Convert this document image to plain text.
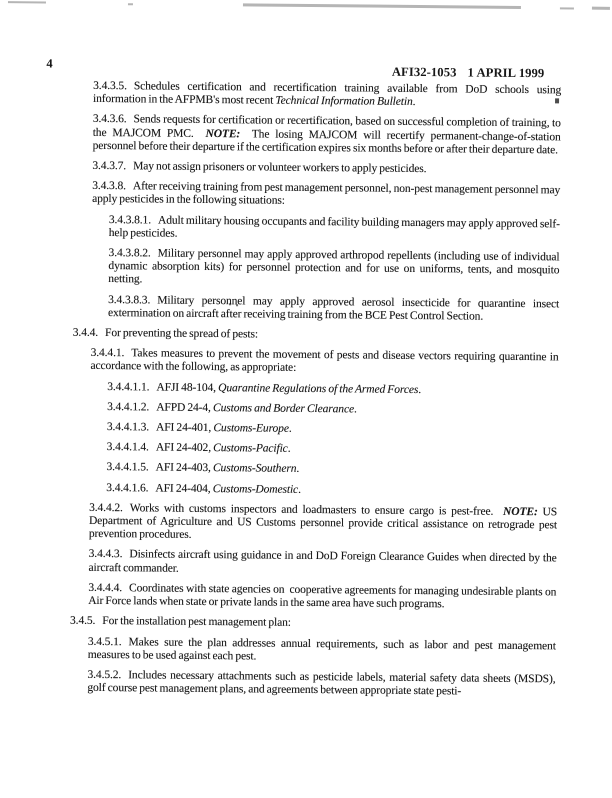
4
AFI32-1053 1 APRIL 1999
3.4.3.5. Schedules certification and recertification training available from DoD schools using information in the AFPMB's most recent Technical Information Bulletin.
3.4.3.6. Sends requests for certification or recertification, based on successful completion of training, to the MAJCOM PMC.  NOTE:  The losing MAJCOM will recertify permanent-change-of-station personnel before their departure if the certification expires six months before or after their departure date.
3.4.3.7. May not assign prisoners or volunteer workers to apply pesticides.
3.4.3.8. After receiving training from pest management personnel, non-pest management personnel may apply pesticides in the following situations:
3.4.3.8.1. Adult military housing occupants and facility building managers may apply approved self-help pesticides.
3.4.3.8.2. Military personnel may apply approved arthropod repellents (including use of individual dynamic absorption kits) for personnel protection and for use on uniforms, tents, and mosquito netting.
3.4.3.8.3. Military personnel may apply approved aerosol insecticide for quarantine insect extermination on aircraft after receiving training from the BCE Pest Control Section.
3.4.4. For preventing the spread of pests:
3.4.4.1. Takes measures to prevent the movement of pests and disease vectors requiring quarantine in accordance with the following, as appropriate:
3.4.4.1.1. AFJI 48-104, Quarantine Regulations of the Armed Forces.
3.4.4.1.2. AFPD 24-4, Customs and Border Clearance.
3.4.4.1.3. AFI 24-401, Customs-Europe.
3.4.4.1.4. AFI 24-402, Customs-Pacific.
3.4.4.1.5. AFI 24-403, Customs-Southern.
3.4.4.1.6. AFI 24-404, Customs-Domestic.
3.4.4.2. Works with customs inspectors and loadmasters to ensure cargo is pest-free.  NOTE: US Department of Agriculture and US Customs personnel provide critical assistance on retrograde pest prevention procedures.
3.4.4.3. Disinfects aircraft using guidance in and DoD Foreign Clearance Guides when directed by the aircraft commander.
3.4.4.4. Coordinates with state agencies on  cooperative agreements for managing undesirable plants on Air Force lands when state or private lands in the same area have such programs.
3.4.5. For the installation pest management plan:
3.4.5.1. Makes sure the plan addresses annual requirements, such as labor and pest management measures to be used against each pest.
3.4.5.2. Includes necessary attachments such as pesticide labels, material safety data sheets (MSDS), golf course pest management plans, and agreements between appropriate state pesti-
